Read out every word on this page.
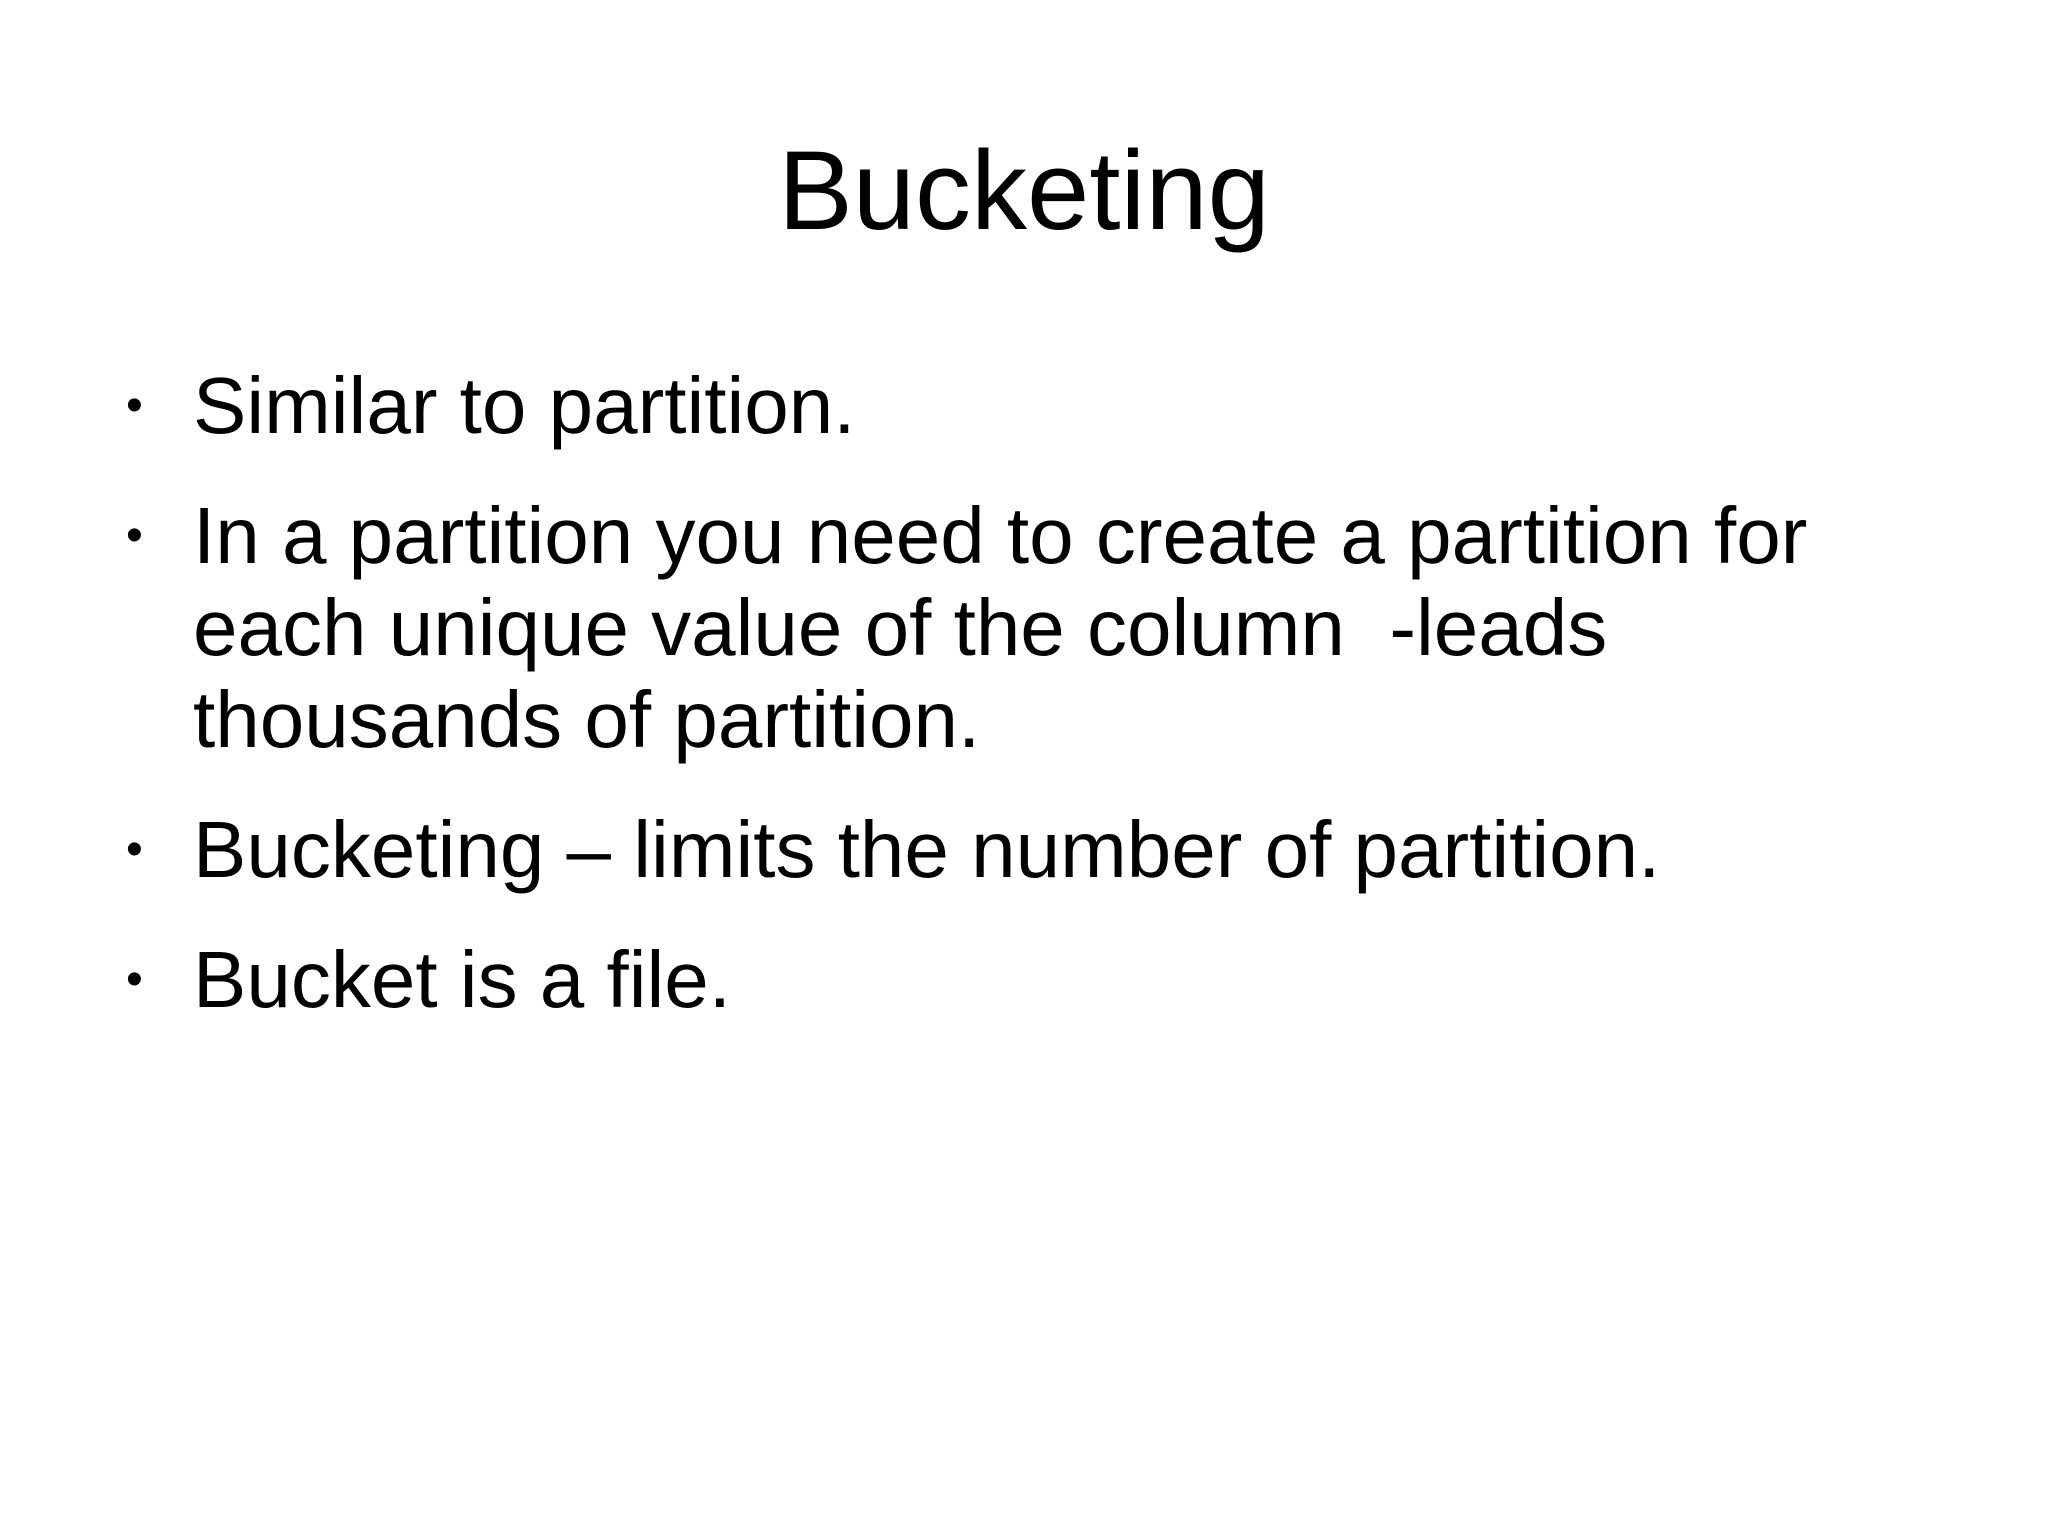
Bucketing
• Similar to partition.
• In a partition you need to create a partition for each unique value of the column  -leads thousands of partition.
• Bucketing – limits the number of partition.
• Bucket is a file.
